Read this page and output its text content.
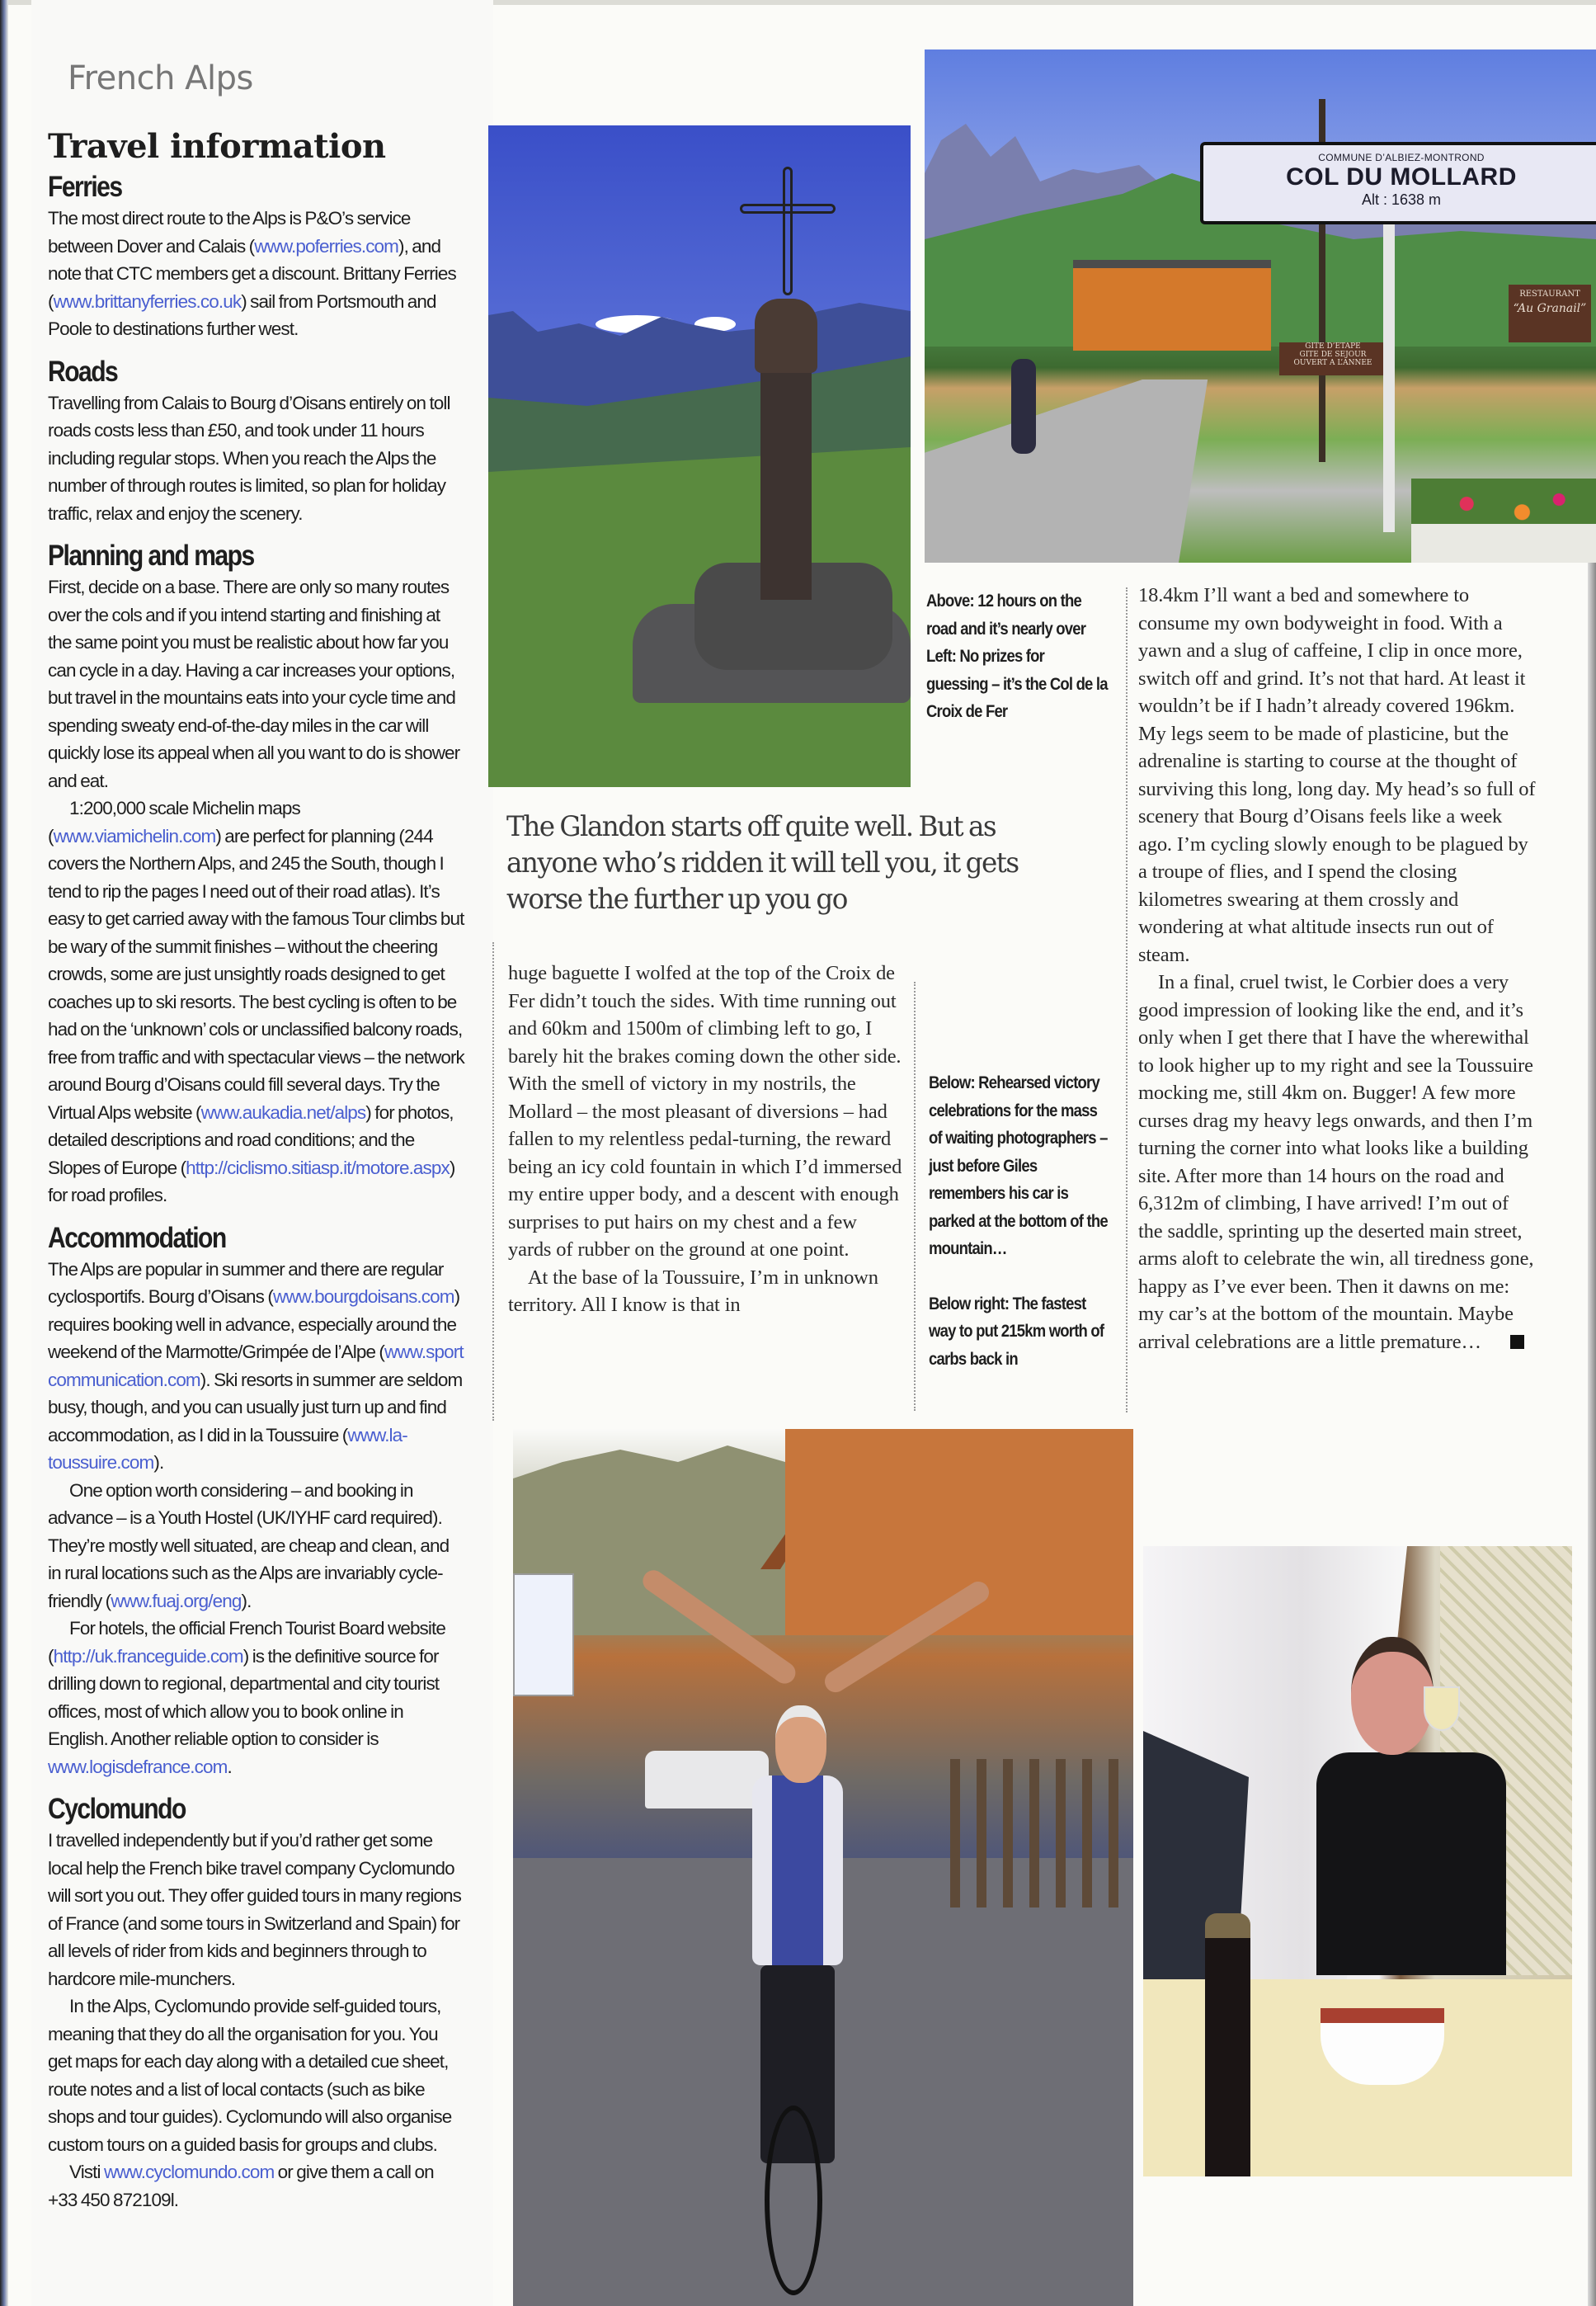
French Alps
Travel information
Ferries

The most direct route to the Alps is P&O’s service between Dover and Calais (www.poferries.com), and note that CTC members get a discount. Brittany Ferries (www.brittanyferries.co.uk) sail from Portsmouth and Poole to destinations further west.

Roads

Travelling from Calais to Bourg d’Oisans entirely on toll roads costs less than £50, and took under 11 hours including regular stops. When you reach the Alps the number of through routes is limited, so plan for holiday traffic, relax and enjoy the scenery.

Planning and maps

First, decide on a base. There are only so many routes over the cols and if you intend starting and finishing at the same point you must be realistic about how far you can cycle in a day. Having a car increases your options, but travel in the mountains eats into your cycle time and spending sweaty end-of-the-day miles in the car will quickly lose its appeal when all you want to do is shower and eat.

1:200,000 scale Michelin maps (www.viamichelin.com) are perfect for planning (244 covers the Northern Alps, and 245 the South, though I tend to rip the pages I need out of their road atlas). It’s easy to get carried away with the famous Tour climbs but be wary of the summit finishes – without the cheering crowds, some are just unsightly roads designed to get coaches up to ski resorts. The best cycling is often to be had on the ‘unknown’ cols or unclassified balcony roads, free from traffic and with spectacular views – the network around Bourg d’Oisans could fill several days. Try the Virtual Alps website (www.aukadia.net/alps) for photos, detailed descriptions and road conditions; and the Slopes of Europe (http://ciclismo.sitiasp.it/motore.aspx) for road profiles.

Accommodation

The Alps are popular in summer and there are regular cyclosportifs. Bourg d’Oisans (www.bourgdoisans.com) requires booking well in advance, especially around the weekend of the Marmotte/Grimpée de l’Alpe (www.sport communication.com). Ski resorts in summer are seldom busy, though, and you can usually just turn up and find accommodation, as I did in la Toussuire (www.la-toussuire.com).

One option worth considering – and booking in advance – is a Youth Hostel (UK/IYHF card required). They’re mostly well situated, are cheap and clean, and in rural locations such as the Alps are invariably cycle-friendly (www.fuaj.org/eng).

For hotels, the official French Tourist Board website (http://uk.franceguide.com) is the definitive source for drilling down to regional, departmental and city tourist offices, most of which allow you to book online in English. Another reliable option to consider is www.logisdefrance.com.

Cyclomundo

I travelled independently but if you’d rather get some local help the French bike travel company Cyclomundo will sort you out. They offer guided tours in many regions of France (and some tours in Switzerland and Spain) for all levels of rider from kids and beginners through to hardcore mile-munchers.

In the Alps, Cyclomundo provide self-guided tours, meaning that they do all the organisation for you. You get maps for each day along with a detailed cue sheet, route notes and a list of local contacts (such as bike shops and tour guides). Cyclomundo will also organise custom tours on a guided basis for groups and clubs.

Visti www.cyclomundo.com or give them a call on +33 450 872109l.

GITE D’ETAPE
GITE DE SEJOUR
OUVERT A L’ANNEE
RESTAURANT
“Au Granail”
COMMUNE D’ALBIEZ-MONTROND
COL DU MOLLARD
Alt : 1638 m
Above: 12 hours on the road and it’s nearly over
Left: No prizes for guessing – it’s the Col de la Croix de Fer
The Glandon starts off quite well. But as anyone who’s ridden it will tell you, it gets worse the further up you go

huge baguette I wolfed at the top of the Croix de Fer didn’t touch the sides. With time running out and 60km and 1500m of climbing left to go, I barely hit the brakes coming down the other side. With the smell of victory in my nostrils, the Mollard – the most pleasant of diversions – had fallen to my relentless pedal-turning, the reward being an icy cold fountain in which I’d immersed my entire upper body, and a descent with enough surprises to put hairs on my chest and a few yards of rubber on the ground at one point.

At the base of la Toussuire, I’m in unknown territory. All I know is that in

Below: Rehearsed victory celebrations for the mass of waiting photographers – just before Giles remembers his car is parked at the bottom of the mountain…
Below right: The fastest way to put 215km worth of carbs back in

18.4km I’ll want a bed and somewhere to consume my own bodyweight in food. With a yawn and a slug of caffeine, I clip in once more, switch off and grind. It’s not that hard. At least it wouldn’t be if I hadn’t already covered 196km. My legs seem to be made of plasticine, but the adrenaline is starting to course at the thought of surviving this long, long day. My head’s so full of scenery that Bourg d’Oisans feels like a week ago. I’m cycling slowly enough to be plagued by a troupe of flies, and I spend the closing kilometres swearing at them crossly and wondering at what altitude insects run out of steam.

In a final, cruel twist, le Corbier does a very good impression of looking like the end, and it’s only when I get there that I have the wherewithal to look higher up to my right and see la Toussuire mocking me, still 4km on. Bugger! A few more curses drag my heavy legs onwards, and then I’m turning the corner into what looks like a building site. After more than 14 hours on the road and 6,312m of climbing, I have arrived! I’m out of the saddle, sprinting up the deserted main street, arms aloft to celebrate the win, all tiredness gone, happy as I’ve ever been. Then it dawns on me: my car’s at the bottom of the mountain. Maybe arrival celebrations are a little premature…
